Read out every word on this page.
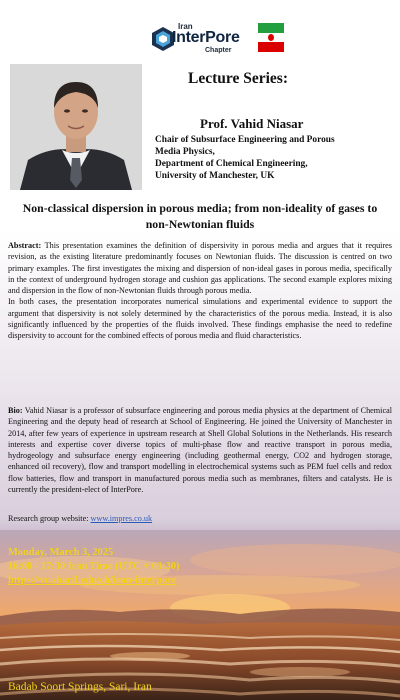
Iran
InterPore
Chapter
Lecture Series:
Prof. Vahid Niasar
Chair of Subsurface Engineering and Porous
Media Physics,
Department of Chemical Engineering,
University of Manchester, UK
Non-classical dispersion in porous media; from non-ideality of gases to non-Newtonian fluids

Abstract: This presentation examines the definition of dispersivity in porous media and argues that it requires revision, as the existing literature predominantly focuses on Newtonian fluids. The discussion is centred on two primary examples. The first investigates the mixing and dispersion of non-ideal gases in porous media, specifically in the context of underground hydrogen storage and cushion gas applications. The second example explores mixing and dispersion in the flow of non-Newtonian fluids through porous media.

In both cases, the presentation incorporates numerical simulations and experimental evidence to support the argument that dispersivity is not solely determined by the characteristics of the porous media. Instead, it is also significantly influenced by the properties of the fluids involved. These findings emphasise the need to redefine dispersivity to account for the combined effects of porous media and fluid characteristics.

Bio: Vahid Niasar is a professor of subsurface engineering and porous media physics at the department of Chemical Engineering and the deputy head of research at School of Engineering. He joined the University of Manchester in 2014, after few years of experience in upstream research at Shell Global Solutions in the Netherlands. His research interests and expertise cover diverse topics of multi-phase flow and reactive transport in porous media, hydrogeology and subsurface energy engineering (including geothermal energy, CO2 and hydrogen storage, enhanced oil recovery), flow and transport modelling in electrochemical systems such as PEM fuel cells and redox flow batteries, flow and transport in manufactured porous media such as membranes, filters and catalysts. He is currently the president-elect of InterPore.

Research group website: www.impres.co.uk
Monday, March 3, 2025
16:00 - 17:30 Iran Time (UTC + 03:30)
https://vc.sharif.edu/ch/iran-interpore
Badab Soort Springs, Sari, Iran
